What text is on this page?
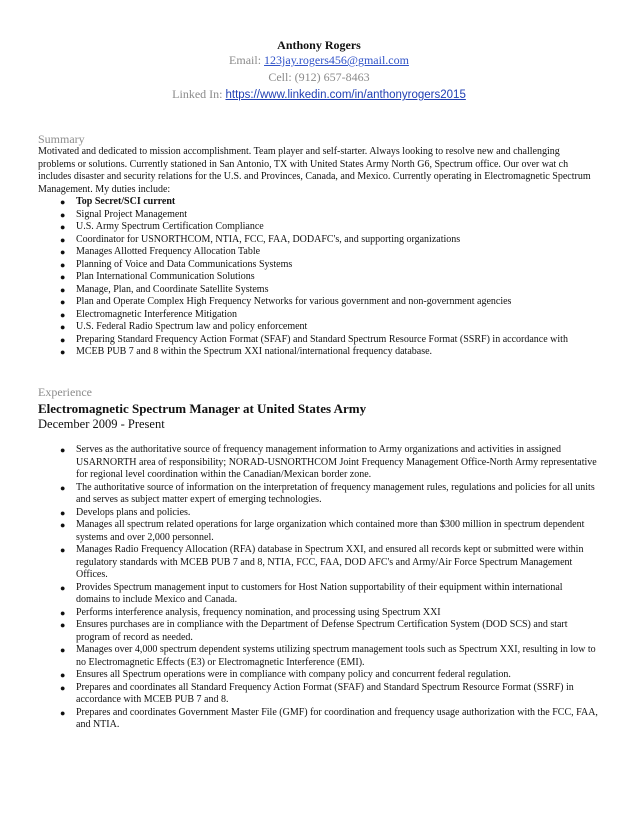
Anthony Rogers
Email: 123jay.rogers456@gmail.com
Cell: (912) 657-8463
Linked In: https://www.linkedin.com/in/anthonyrogers2015
Summary

Motivated and dedicated to mission accomplishment. Team player and self-starter. Always looking to resolve new and challenging problems or solutions. Currently stationed in San Antonio, TX with United States Army North G6, Spectrum office. Our over wat ch includes disaster and security relations for the U.S. and Provinces, Canada, and Mexico. Currently operating in Electromagnetic Spectrum Management. My duties include:

● Top Secret/SCI current
● Signal Project Management
● U.S. Army Spectrum Certification Compliance
● Coordinator for USNORTHCOM, NTIA, FCC, FAA, DODAFC's, and supporting organizations
● Manages Allotted Frequency Allocation Table
● Planning of Voice and Data Communications Systems
● Plan International Communication Solutions
● Manage, Plan, and Coordinate Satellite Systems
● Plan and Operate Complex High Frequency Networks for various government and non-government agencies
● Electromagnetic Interference Mitigation
● U.S. Federal Radio Spectrum law and policy enforcement
● Preparing Standard Frequency Action Format (SFAF) and Standard Spectrum Resource Format (SSRF) in accordance with
● MCEB PUB 7 and 8 within the Spectrum XXI national/international frequency database.
Experience
Electromagnetic Spectrum Manager at United States Army
December 2009 - Present
● Serves as the authoritative source of frequency management information to Army organizations and activities in assigned USARNORTH area of responsibility; NORAD-USNORTHCOM Joint Frequency Management Office-North Army representative for regional level coordination within the Canadian/Mexican border zone.
● The authoritative source of information on the interpretation of frequency management rules, regulations and policies for all units and serves as subject matter expert of emerging technologies.
● Develops plans and policies.
● Manages all spectrum related operations for large organization which contained more than $300 million in spectrum dependent systems and over 2,000 personnel.
● Manages Radio Frequency Allocation (RFA) database in Spectrum XXI, and ensured all records kept or submitted were within regulatory standards with MCEB PUB 7 and 8, NTIA, FCC, FAA, DOD AFC's and Army/Air Force Spectrum Management Offices.
● Provides Spectrum management input to customers for Host Nation supportability of their equipment within international domains to include Mexico and Canada.
● Performs interference analysis, frequency nomination, and processing using Spectrum XXI
● Ensures purchases are in compliance with the Department of Defense Spectrum Certification System (DOD SCS) and start program of record as needed.
● Manages over 4,000 spectrum dependent systems utilizing spectrum management tools such as Spectrum XXI, resulting in low to no Electromagnetic Effects (E3) or Electromagnetic Interference (EMI).
● Ensures all Spectrum operations were in compliance with company policy and concurrent federal regulation.
● Prepares and coordinates all Standard Frequency Action Format (SFAF) and Standard Spectrum Resource Format (SSRF) in accordance with MCEB PUB 7 and 8.
● Prepares and coordinates Government Master File (GMF) for coordination and frequency usage authorization with the FCC, FAA, and NTIA.
